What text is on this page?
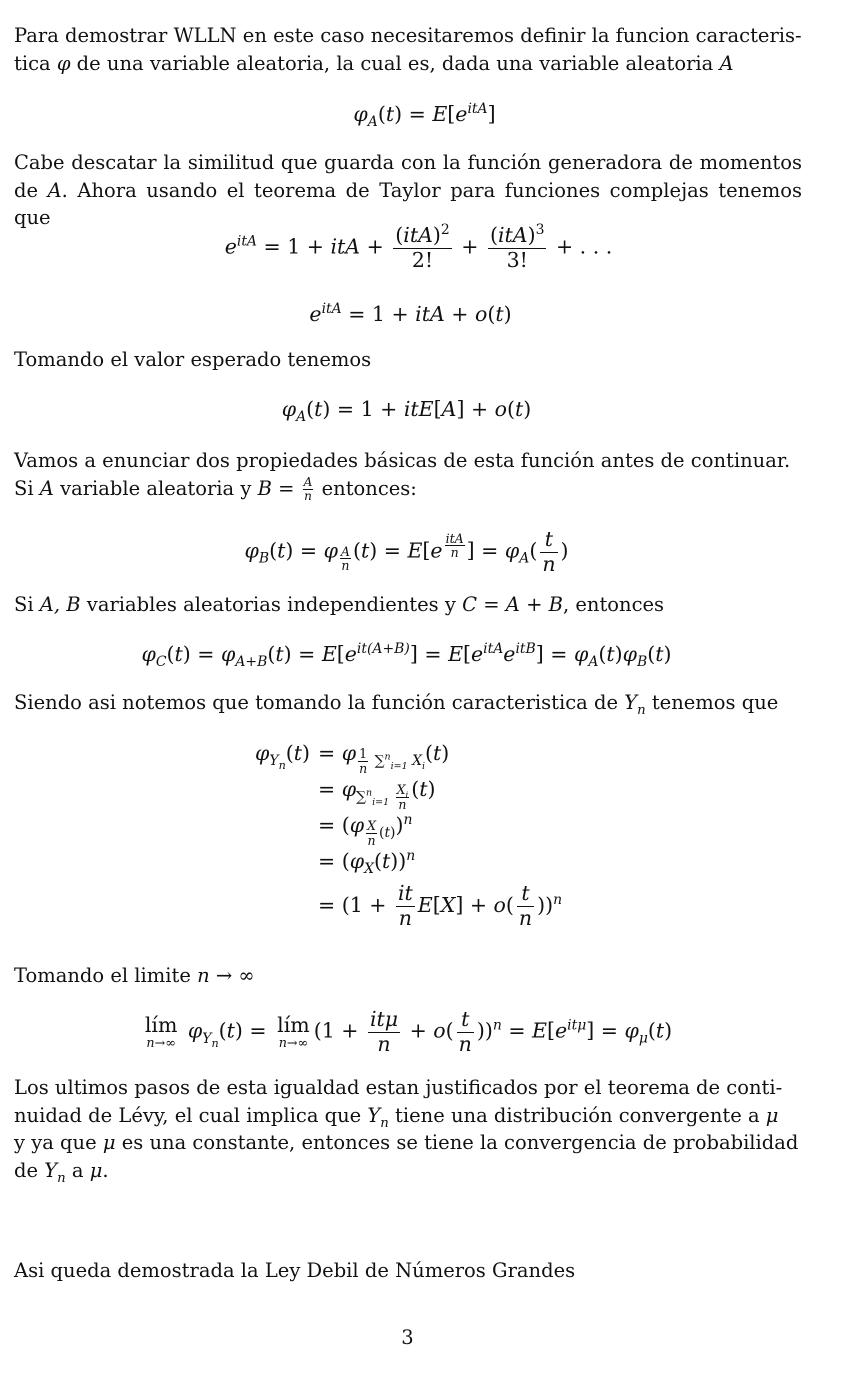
Para demostrar WLLN en este caso necesitaremos definir la funcion caracteris-
tica φ de una variable aleatoria, la cual es, dada una variable aleatoria A

$\varphi_A(t) = E[e^{itA}]$

Cabe descatar la similitud que guarda con la función generadora de momentos de A. Ahora usando el teorema de Taylor para funciones complejas tenemos que

$e^{itA} = 1$ + itA + $\frac{(itA)^2}{2!} + \frac{(itA)^3}{3!}$ + . . .
$e^{itA} = 1$ + itA + o(t)

Tomando el valor esperado tenemos

$\varphi_A(t) = 1 + itE[A] + o(t)$

Vamos a enunciar dos propiedades básicas de esta función antes de continuar.
Si A variable aleatoria y $B = \frac{A}{n}$ entonces:

$\varphi_B(t) = \varphi$ $_{\frac{A}{n}}$ (t) = E[e $^{\frac{\text{itA}}{n}}$ ] = $\varphi_A( \frac{t}{n}$ )

Si A, B variables aleatorias independientes y C = A + B, entonces

$\varphi_C(t) = \varphi_{A+B}(t) = E[e^{it(A+B)}] = E[e^{itA}e^{itB}] = \varphi_A(t)\varphi_B(t)$

Siendo asi notemos que tomando la función caracteristica de $Y_n$ tenemos que

$\varphi_{Y_n}(t) = \varphi$ $_{\frac{1}{n} \sum^n_{i=1} X_i}$(t)
= $\varphi_{\sum^n_{i=1} \frac{X_i}{n}}$ (t)
= (φ $_{\frac{X}{n} (t)}$)$^n$
= $(\varphi_X(t))^n$
= $(1 + \frac{it}{n} E[X] + o( \frac{t}{n} ))^n$

Tomando el limite n → ∞

lím
n→∞
$\varphi_{Y_n}(t)$ = lím
n→∞
$(1 + \frac{\text{itμ}}{n} + o( \frac{t}{n} ))^n = E[e^{it\mu}] = \varphi_\mu(t)$

Los ultimos pasos de esta igualdad estan justificados por el teorema de conti-
nuidad de Lévy, el cual implica que $Y_n$ tiene una distribución convergente a μ
y ya que μ es una constante, entonces se tiene la convergencia de probabilidad
de $Y_n$ a μ.

Asi queda demostrada la Ley Debil de Números Grandes

3
